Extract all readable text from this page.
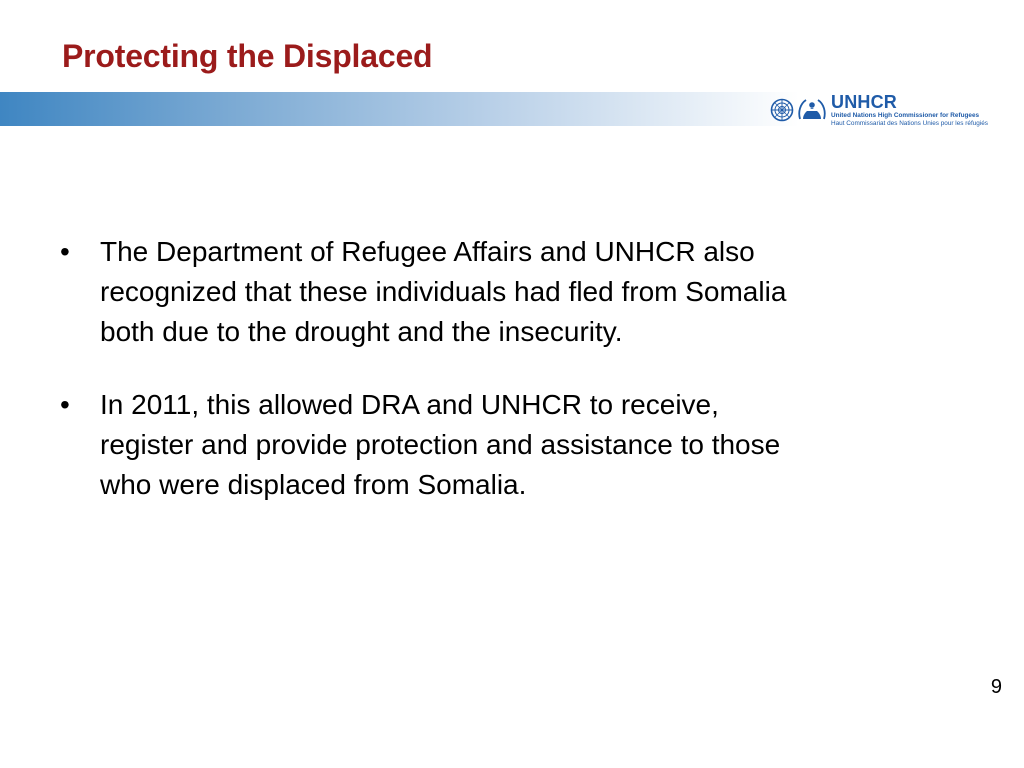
Protecting the Displaced
UNHCR
United Nations High Commissioner for Refugees
Haut Commissariat des Nations Unies pour les réfugiés
• The Department of Refugee Affairs and UNHCR also
recognized that these individuals had fled from Somalia
both due to the drought and the insecurity.
• In 2011, this allowed DRA and UNHCR to receive,
register and provide protection and assistance to those
who were displaced from Somalia.
9
